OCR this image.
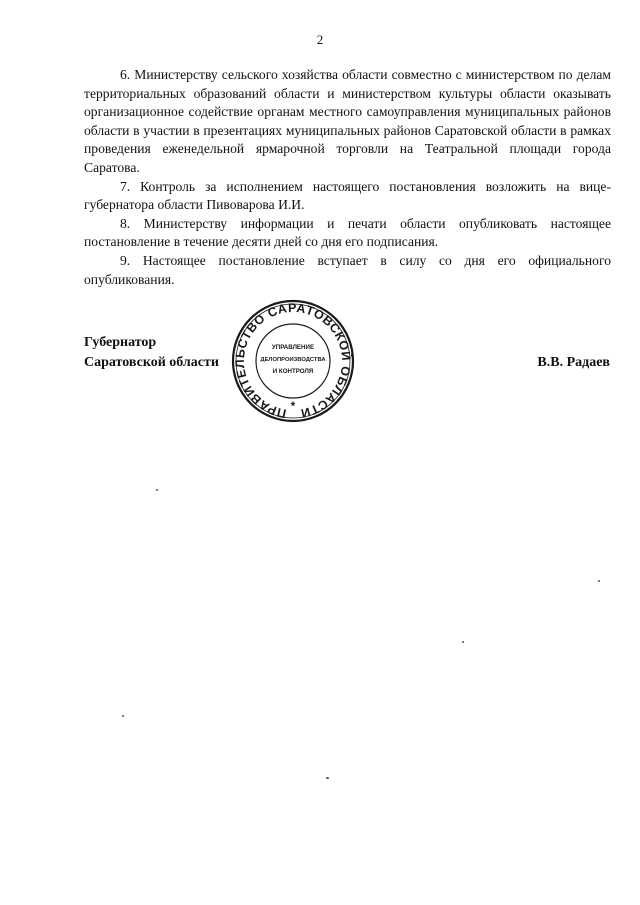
2

6. Министерству сельского хозяйства области совместно с министерством по делам территориальных образований области и министерством культуры области оказывать организационное содействие органам местного самоуправления муниципальных районов области в участии в презентациях муниципальных районов Саратовской области в рамках проведения еженедельной ярмарочной торговли на Театральной площади города Саратова.

7. Контроль за исполнением настоящего постановления возложить на вице-губернатора области Пивоварова И.И.

8. Министерству информации и печати области опубликовать настоящее постановление в течение десяти дней со дня его подписания.

9. Настоящее постановление вступает в силу со дня его официального опубликования.

Губернатор
Саратовской области	В.В. Радаев
ПРАВИТЕЛЬСТВО САРАТОВСКОЙ ОБЛАСТИ
УПРАВЛЕНИЕ
ДЕЛОПРОИЗВОДСТВА
И КОНТРОЛЯ
*
